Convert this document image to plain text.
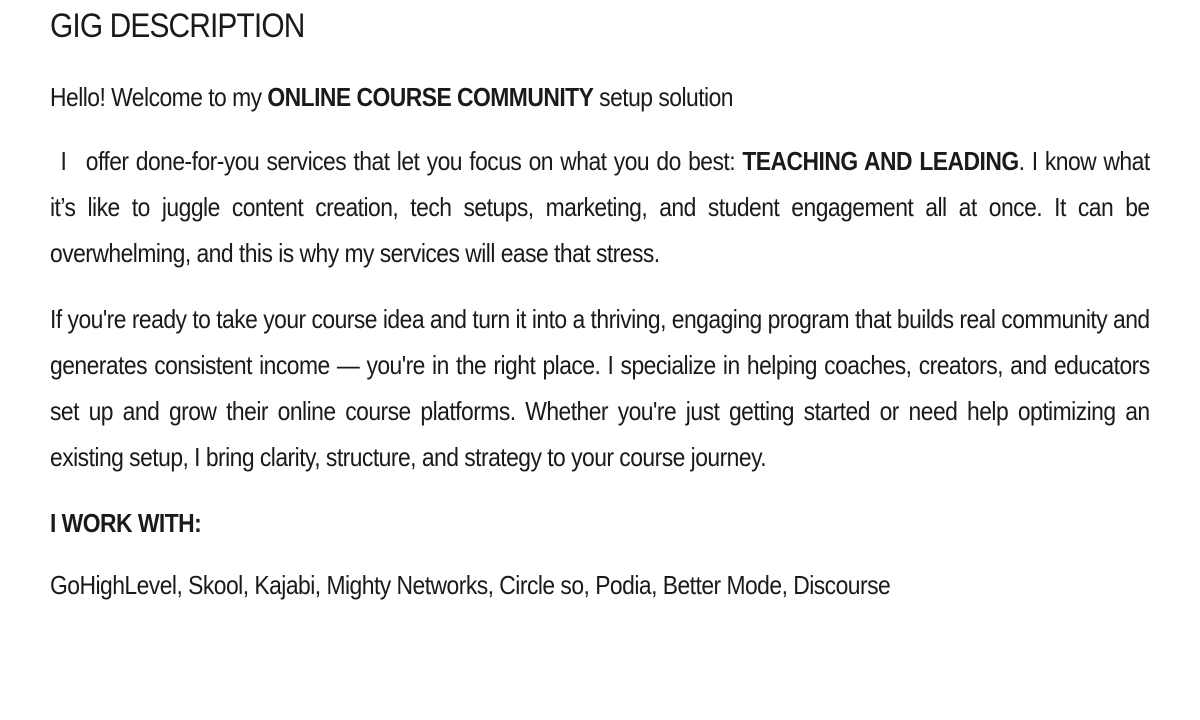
GIG DESCRIPTION

Hello! Welcome to my ONLINE COURSE COMMUNITY setup solution

I offer done-for-you services that let you focus on what you do best: TEACHING AND LEADING. I know what it’s like to juggle content creation, tech setups, marketing, and student engagement all at once. It can be overwhelming, and this is why my services will ease that stress.

If you're ready to take your course idea and turn it into a thriving, engaging program that builds real community and generates consistent income — you're in the right place. I specialize in helping coaches, creators, and educators set up and grow their online course platforms. Whether you're just getting started or need help optimizing an existing setup, I bring clarity, structure, and strategy to your course journey.

I WORK WITH:
GoHighLevel, Skool, Kajabi, Mighty Networks, Circle so, Podia, Better Mode, Discourse
